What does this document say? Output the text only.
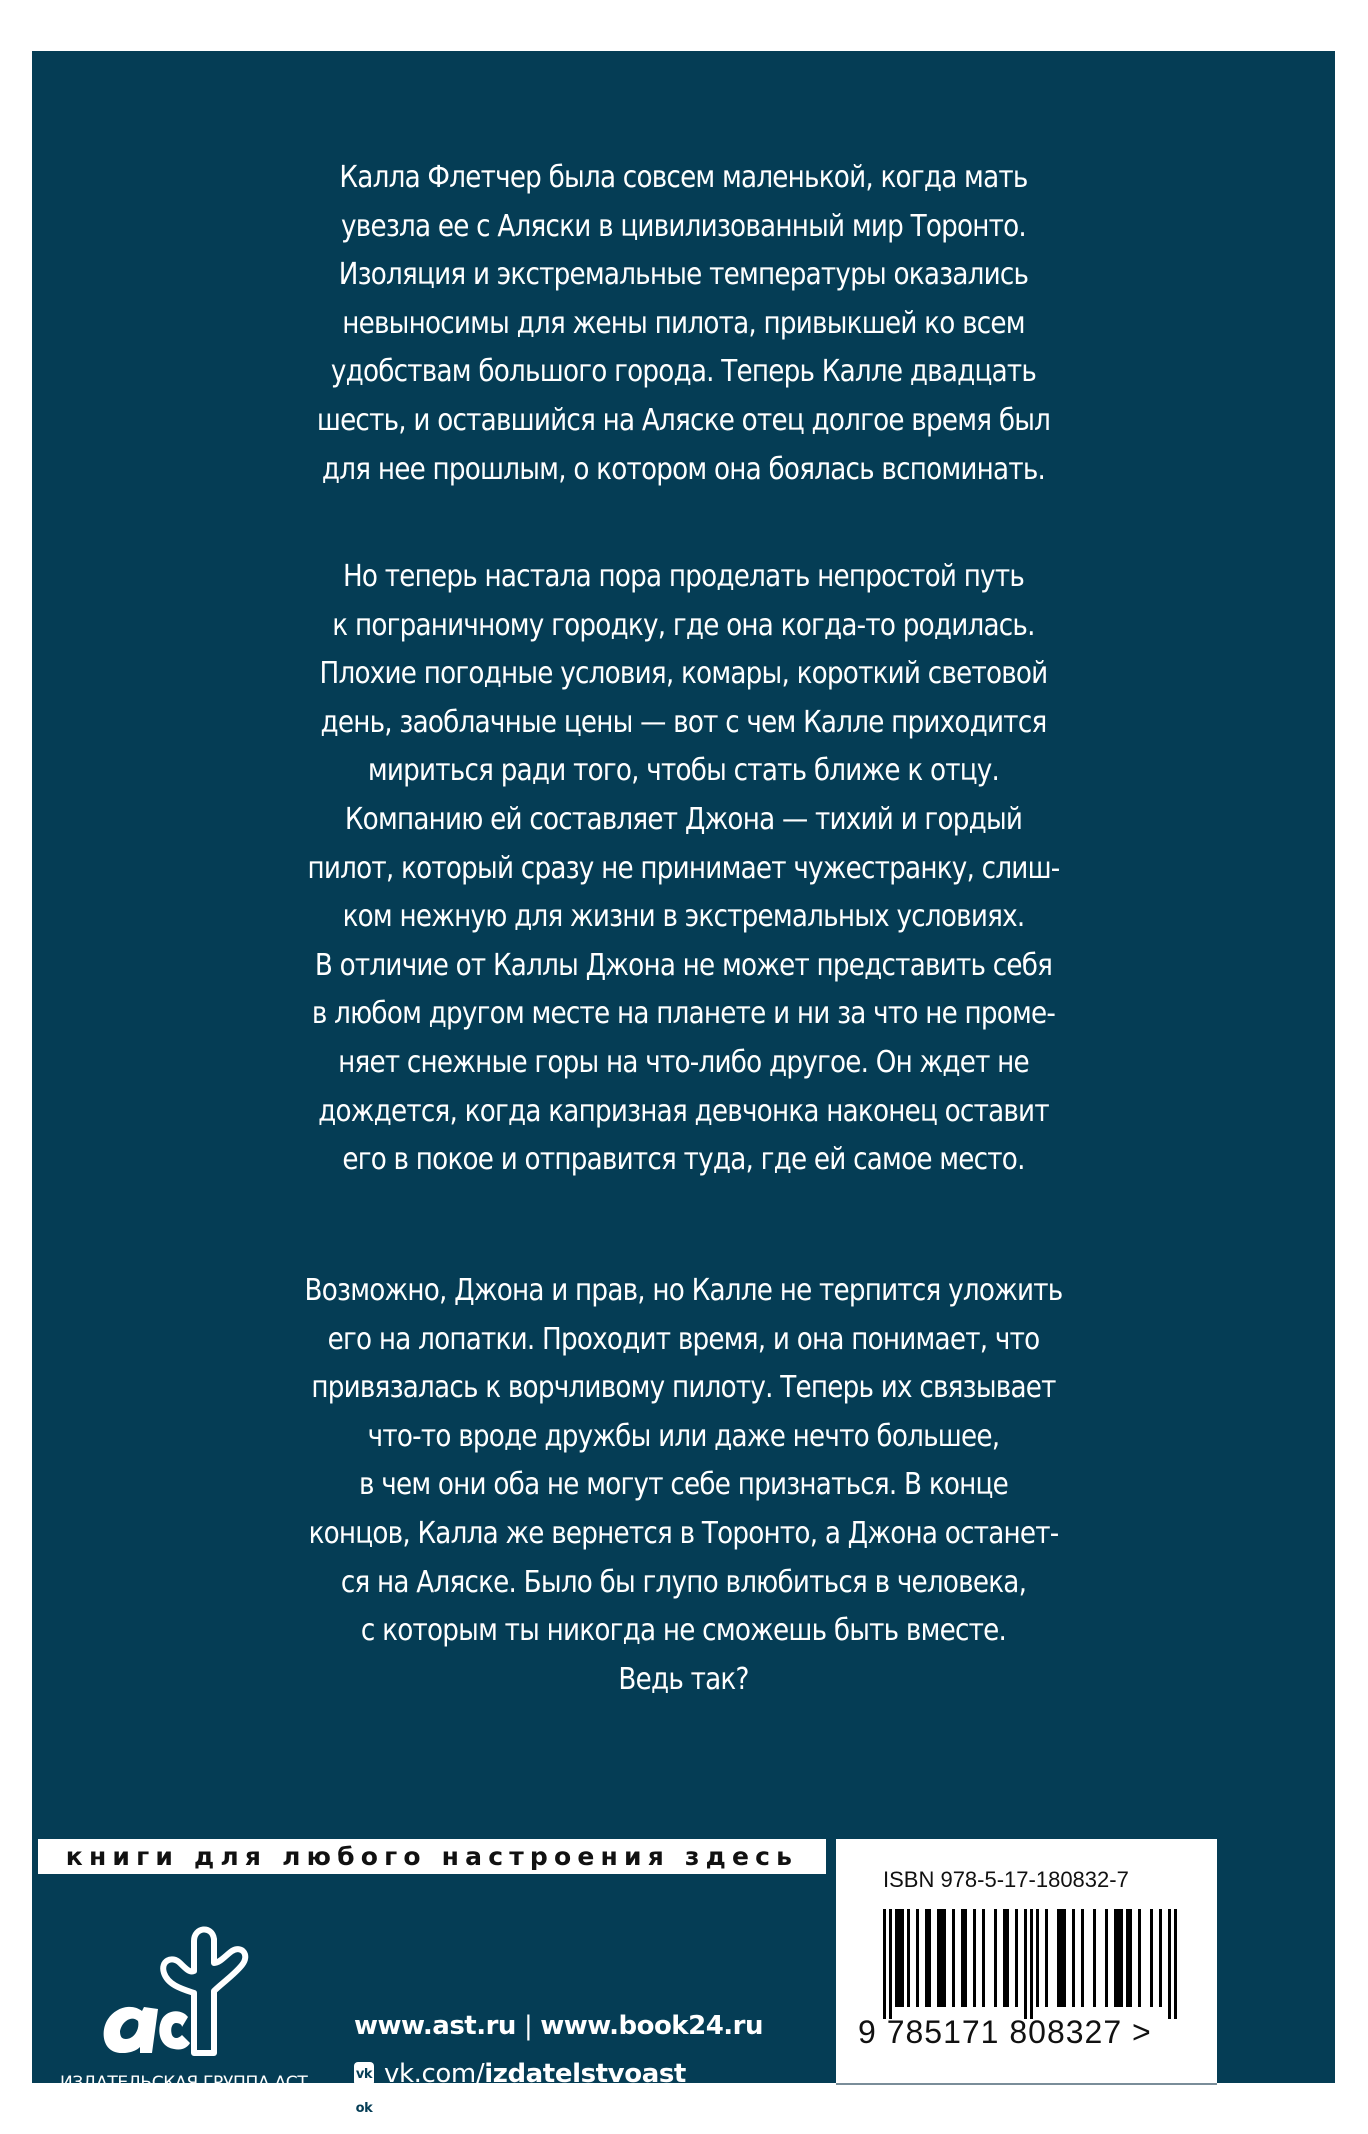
Калла Флетчер была совсем маленькой, когда мать
увезла ее с Аляски в цивилизованный мир Торонто.
Изоляция и экстремальные температуры оказались
невыносимы для жены пилота, привыкшей ко всем
удобствам большого города. Теперь Калле двадцать
шесть, и оставшийся на Аляске отец долгое время был
для нее прошлым, о котором она боялась вспоминать.
Но теперь настала пора проделать непростой путь
к пограничному городку, где она когда-то родилась.
Плохие погодные условия, комары, короткий световой
день, заоблачные цены — вот с чем Калле приходится
мириться ради того, чтобы стать ближе к отцу.
Компанию ей составляет Джона — тихий и гордый
пилот, который сразу не принимает чужестранку, слиш-
ком нежную для жизни в экстремальных условиях.
В отличие от Каллы Джона не может представить себя
в любом другом месте на планете и ни за что не проме-
няет снежные горы на что-либо другое. Он ждет не
дождется, когда капризная девчонка наконец оставит
его в покое и отправится туда, где ей самое место.
Возможно, Джона и прав, но Калле не терпится уложить
его на лопатки. Проходит время, и она понимает, что
привязалась к ворчливому пилоту. Теперь их связывает
что-то вроде дружбы или даже нечто большее,
в чем они оба не могут себе признаться. В конце
концов, Калла же вернется в Торонто, а Джона останет-
ся на Аляске. Было бы глупо влюбиться в человека,
с которым ты никогда не сможешь быть вместе.
Ведь так?
книги для любого настроения здесь
ИЗДАТЕЛЬСКАЯ ГРУППА АСТ
www.ast.ru | www.book24.ru
vk vk.com/ izdatelstvoast
ok ok.ru/ izdatelstvoast
ISBN 978-5-17-180832-7
9 785171 808327 >
